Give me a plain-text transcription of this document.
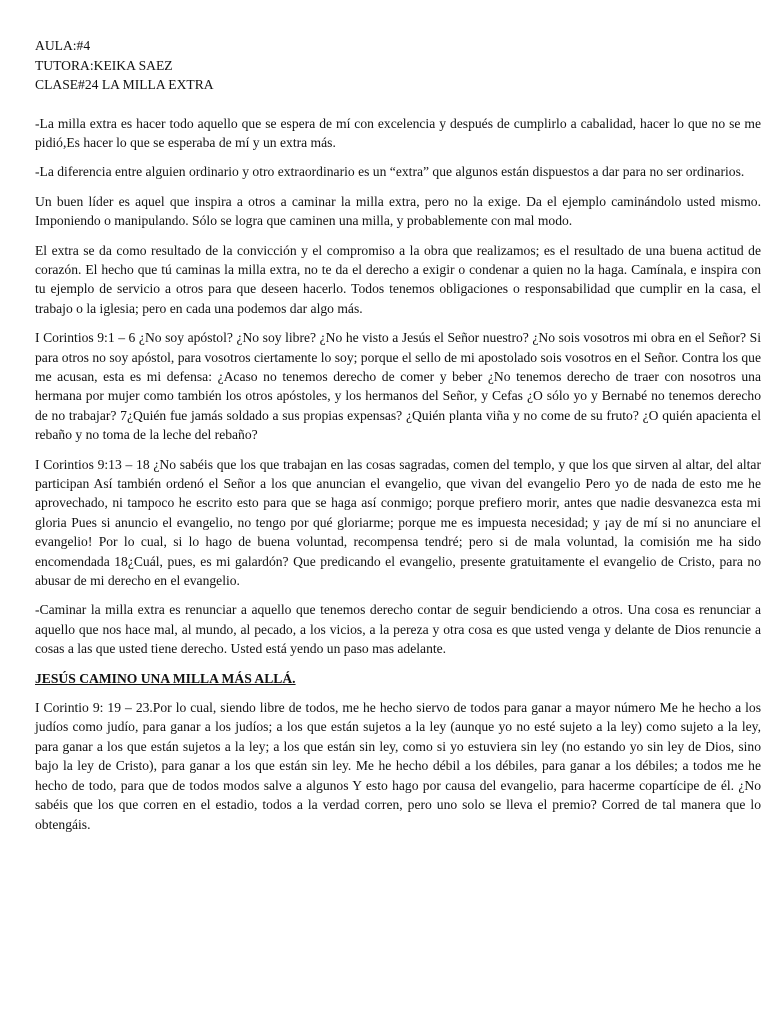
AULA:#4

TUTORA:KEIKA SAEZ

CLASE#24 LA MILLA EXTRA

-La milla extra es hacer todo aquello que se espera de mí con excelencia y después de cumplirlo a cabalidad, hacer lo que no se me pidió,Es hacer lo que se esperaba de mí y un extra más.

-La diferencia entre alguien ordinario y otro extraordinario es un “extra” que algunos están dispuestos a dar para no ser ordinarios.

Un buen líder es aquel que inspira a otros a caminar la milla extra, pero no la exige. Da el ejemplo caminándolo usted mismo. Imponiendo o manipulando. Sólo se logra que caminen una milla, y probablemente con mal modo.

El extra se da como resultado de la convicción y el compromiso a la obra que realizamos; es el resultado de una buena actitud de corazón. El hecho que tú caminas la milla extra, no te da el derecho a exigir o condenar a quien no la haga. Camínala, e inspira con tu ejemplo de servicio a otros para que deseen hacerlo. Todos tenemos obligaciones o responsabilidad que cumplir en la casa, el trabajo o la iglesia; pero en cada una podemos dar algo más.

I Corintios 9:1 – 6 ¿No soy apóstol? ¿No soy libre? ¿No he visto a Jesús el Señor nuestro? ¿No sois vosotros mi obra en el Señor? Si para otros no soy apóstol, para vosotros ciertamente lo soy; porque el sello de mi apostolado sois vosotros en el Señor. Contra los que me acusan, esta es mi defensa: ¿Acaso no tenemos derecho de comer y beber ¿No tenemos derecho de traer con nosotros una hermana por mujer como también los otros apóstoles, y los hermanos del Señor, y Cefas ¿O sólo yo y Bernabé no tenemos derecho de no trabajar? 7¿Quién fue jamás soldado a sus propias expensas? ¿Quién planta viña y no come de su fruto? ¿O quién apacienta el rebaño y no toma de la leche del rebaño?

I Corintios 9:13 – 18 ¿No sabéis que los que trabajan en las cosas sagradas, comen del templo, y que los que sirven al altar, del altar participan Así también ordenó el Señor a los que anuncian el evangelio, que vivan del evangelio Pero yo de nada de esto me he aprovechado, ni tampoco he escrito esto para que se haga así conmigo; porque prefiero morir, antes que nadie desvanezca esta mi gloria Pues si anuncio el evangelio, no tengo por qué gloriarme; porque me es impuesta necesidad; y ¡ay de mí si no anunciare el evangelio! Por lo cual, si lo hago de buena voluntad, recompensa tendré; pero si de mala voluntad, la comisión me ha sido encomendada 18¿Cuál, pues, es mi galardón? Que predicando el evangelio, presente gratuitamente el evangelio de Cristo, para no abusar de mi derecho en el evangelio.

-Caminar la milla extra es renunciar a aquello que tenemos derecho contar de seguir bendiciendo a otros. Una cosa es renunciar a aquello que nos hace mal, al mundo, al pecado, a los vicios, a la pereza y otra cosa es que usted venga y delante de Dios renuncie a cosas a las que usted tiene derecho. Usted está yendo un paso mas adelante.

JESÚS CAMINO UNA MILLA MÁS ALLÁ.

I Corintio 9: 19 – 23.Por lo cual, siendo libre de todos, me he hecho siervo de todos para ganar a mayor número Me he hecho a los judíos como judío, para ganar a los judíos; a los que están sujetos a la ley (aunque yo no esté sujeto a la ley) como sujeto a la ley, para ganar a los que están sujetos a la ley; a los que están sin ley, como si yo estuviera sin ley (no estando yo sin ley de Dios, sino bajo la ley de Cristo), para ganar a los que están sin ley. Me he hecho débil a los débiles, para ganar a los débiles; a todos me he hecho de todo, para que de todos modos salve a algunos Y esto hago por causa del evangelio, para hacerme copartícipe de él. ¿No sabéis que los que corren en el estadio, todos a la verdad corren, pero uno solo se lleva el premio? Corred de tal manera que lo obtengáis.
